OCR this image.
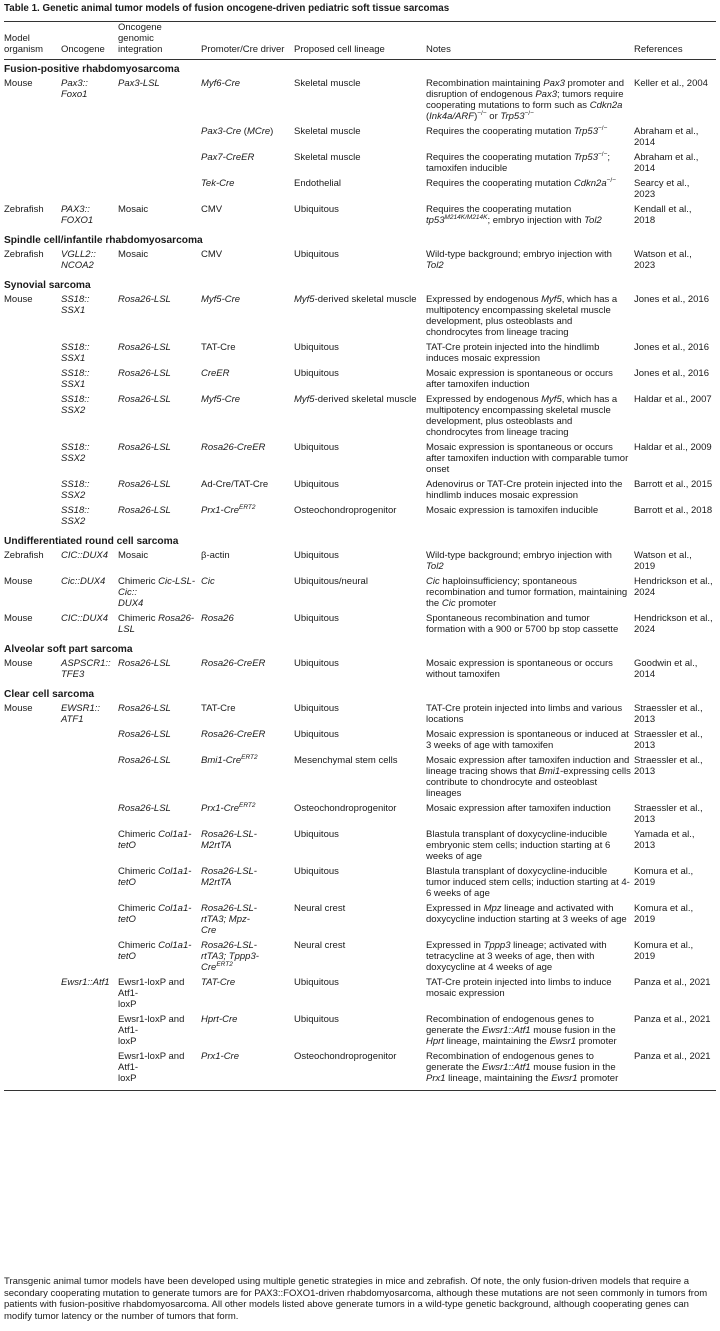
Table 1. Genetic animal tumor models of fusion oncogene-driven pediatric soft tissue sarcomas
Model organism	Oncogene	Oncogene genomic integration	Promoter/Cre driver	Proposed cell lineage	Notes	References
Fusion-positive rhabdomyosarcoma						
Mouse	Pax3::
Foxo1	Pax3-LSL	Myf6-Cre	Skeletal muscle	Recombination maintaining Pax3 promoter and disruption of endogenous Pax3; tumors require cooperating mutations to form such as Cdkn2a (Ink4a/ARF)−/− or Trp53−/−	Keller et al., 2004
			Pax3-Cre (MCre)	Skeletal muscle	Requires the cooperating mutation Trp53−/−	Abraham et al., 2014
			Pax7-CreER	Skeletal muscle	Requires the cooperating mutation Trp53−/−; tamoxifen inducible	Abraham et al., 2014
			Tek-Cre	Endothelial	Requires the cooperating mutation Cdkn2a−/−	Searcy et al., 2023
Zebrafish	PAX3::
FOXO1	Mosaic	CMV	Ubiquitous	Requires the cooperating mutation $tp53^{M214K/M214K}$; embryo injection with Tol2	Kendall et al., 2018
Spindle cell/infantile rhabdomyosarcoma						
Zebrafish	VGLL2::
NCOA2	Mosaic	CMV	Ubiquitous	Wild-type background; embryo injection with Tol2	Watson et al., 2023
Synovial sarcoma						
Mouse	SS18::
SSX1	Rosa26-LSL	Myf5-Cre	Myf5-derived skeletal muscle	Expressed by endogenous Myf5, which has a multipotency encompassing skeletal muscle development, plus osteoblasts and chondrocytes from lineage tracing	Jones et al., 2016
	SS18::
SSX1	Rosa26-LSL	TAT-Cre	Ubiquitous	TAT-Cre protein injected into the hindlimb induces mosaic expression	Jones et al., 2016
	SS18::
SSX1	Rosa26-LSL	CreER	Ubiquitous	Mosaic expression is spontaneous or occurs after tamoxifen induction	Jones et al., 2016
	SS18::
SSX2	Rosa26-LSL	Myf5-Cre	Myf5-derived skeletal muscle	Expressed by endogenous Myf5, which has a multipotency encompassing skeletal muscle development, plus osteoblasts and chondrocytes from lineage tracing	Haldar et al., 2007
	SS18::
SSX2	Rosa26-LSL	Rosa26-CreER	Ubiquitous	Mosaic expression is spontaneous or occurs after tamoxifen induction with comparable tumor onset	Haldar et al., 2009
	SS18::
SSX2	Rosa26-LSL	Ad-Cre/TAT-Cre	Ubiquitous	Adenovirus or TAT-Cre protein injected into the hindlimb induces mosaic expression	Barrott et al., 2015
	SS18::
SSX2	Rosa26-LSL	Prx1-Cre$^{ERT2}$	Osteochondroprogenitor	Mosaic expression is tamoxifen inducible	Barrott et al., 2018
Undifferentiated round cell sarcoma						
Zebrafish	CIC::DUX4	Mosaic	β-actin	Ubiquitous	Wild-type background; embryo injection with Tol2	Watson et al., 2019
Mouse	Cic::DUX4	Chimeric Cic-LSL-Cic::
DUX4	Cic	Ubiquitous/neural	Cic haploinsufficiency; spontaneous recombination and tumor formation, maintaining the Cic promoter	Hendrickson et al., 2024
Mouse	CIC::DUX4	Chimeric Rosa26-
LSL	Rosa26	Ubiquitous	Spontaneous recombination and tumor formation with a 900 or 5700 bp stop cassette	Hendrickson et al., 2024
Alveolar soft part sarcoma						
Mouse	ASPSCR1::
TFE3	Rosa26-LSL	Rosa26-CreER	Ubiquitous	Mosaic expression is spontaneous or occurs without tamoxifen	Goodwin et al., 2014
Clear cell sarcoma						
Mouse	EWSR1::
ATF1	Rosa26-LSL	TAT-Cre	Ubiquitous	TAT-Cre protein injected into limbs and various locations	Straessler et al., 2013
		Rosa26-LSL	Rosa26-CreER	Ubiquitous	Mosaic expression is spontaneous or induced at 3 weeks of age with tamoxifen	Straessler et al., 2013
		Rosa26-LSL	Bmi1-Cre$^{ERT2}$	Mesenchymal stem cells	Mosaic expression after tamoxifen induction and lineage tracing shows that Bmi1-expressing cells contribute to chondrocyte and osteoblast lineages	Straessler et al., 2013
		Rosa26-LSL	Prx1-Cre$^{ERT2}$	Osteochondroprogenitor	Mosaic expression after tamoxifen induction	Straessler et al., 2013
		Chimeric Col1a1-
tetO	Rosa26-LSL-
M2rtTA	Ubiquitous	Blastula transplant of doxycycline-inducible embryonic stem cells; induction starting at 6 weeks of age	Yamada et al., 2013
		Chimeric Col1a1-
tetO	Rosa26-LSL-
M2rtTA	Ubiquitous	Blastula transplant of doxycycline-inducible tumor induced stem cells; induction starting at 4-6 weeks of age	Komura et al., 2019
		Chimeric Col1a1-
tetO	Rosa26-LSL-
rtTA3; Mpz-
Cre	Neural crest	Expressed in Mpz lineage and activated with doxycycline induction starting at 3 weeks of age	Komura et al., 2019
		Chimeric Col1a1-
tetO	Rosa26-LSL-
rtTA3; Tppp3-
Cre$^{ERT2}$	Neural crest	Expressed in Tppp3 lineage; activated with tetracycline at 3 weeks of age, then with doxycycline at 4 weeks of age	Komura et al., 2019
	Ewsr1::Atf1	Ewsr1-loxP and Atf1-
loxP	TAT-Cre	Ubiquitous	TAT-Cre protein injected into limbs to induce mosaic expression	Panza et al., 2021
		Ewsr1-loxP and Atf1-
loxP	Hprt-Cre	Ubiquitous	Recombination of endogenous genes to generate the Ewsr1::Atf1 mouse fusion in the Hprt lineage, maintaining the Ewsr1 promoter	Panza et al., 2021
		Ewsr1-loxP and Atf1-
loxP	Prx1-Cre	Osteochondroprogenitor	Recombination of endogenous genes to generate the Ewsr1::Atf1 mouse fusion in the Prx1 lineage, maintaining the Ewsr1 promoter	Panza et al., 2021
Transgenic animal tumor models have been developed using multiple genetic strategies in mice and zebrafish. Of note, the only fusion-driven models that require a secondary cooperating mutation to generate tumors are for PAX3::FOXO1-driven rhabdomyosarcoma, although these mutations are not seen commonly in tumors from patients with fusion-positive rhabdomyosarcoma. All other models listed above generate tumors in a wild-type genetic background, although cooperating genes can modify tumor latency or the number of tumors that form.
